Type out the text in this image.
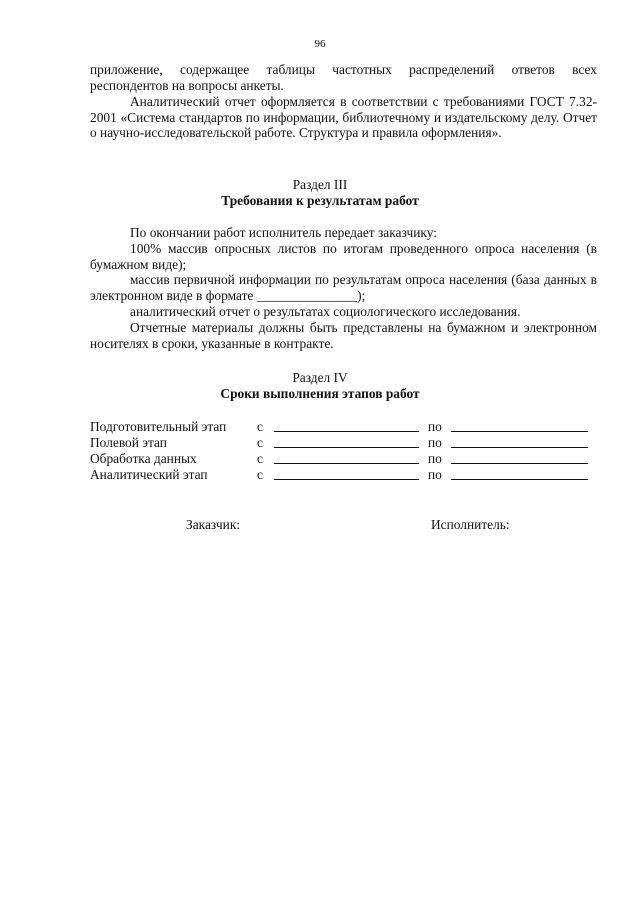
96

приложение, содержащее таблицы частотных распределений ответов всех

респондентов на вопросы анкеты.

Аналитический отчет оформляется в соответствии с требованиями ГОСТ 7.32-2001 «Система стандартов по информации, библиотечному и издательскому делу. Отчет о научно-исследовательской работе. Структура и правила оформления».

Раздел III
Требования к результатам работ

По окончании работ исполнитель передает заказчику:

100% массив опросных листов по итогам проведенного опроса населения (в бумажном виде);

массив первичной информации по результатам опроса населения (база данных в электронном виде в формате _______________);

аналитический отчет о результатах социологического исследования.

Отчетные материалы должны быть представлены на бумажном и электронном носителях в сроки, указанные в контракте.

Раздел IV
Сроки выполнения этапов работ
Подготовительный этап с	по
Полевой этап	с	по
Обработка данных	с	по
Аналитический этап	с	по
Заказчик:	Исполнитель:
